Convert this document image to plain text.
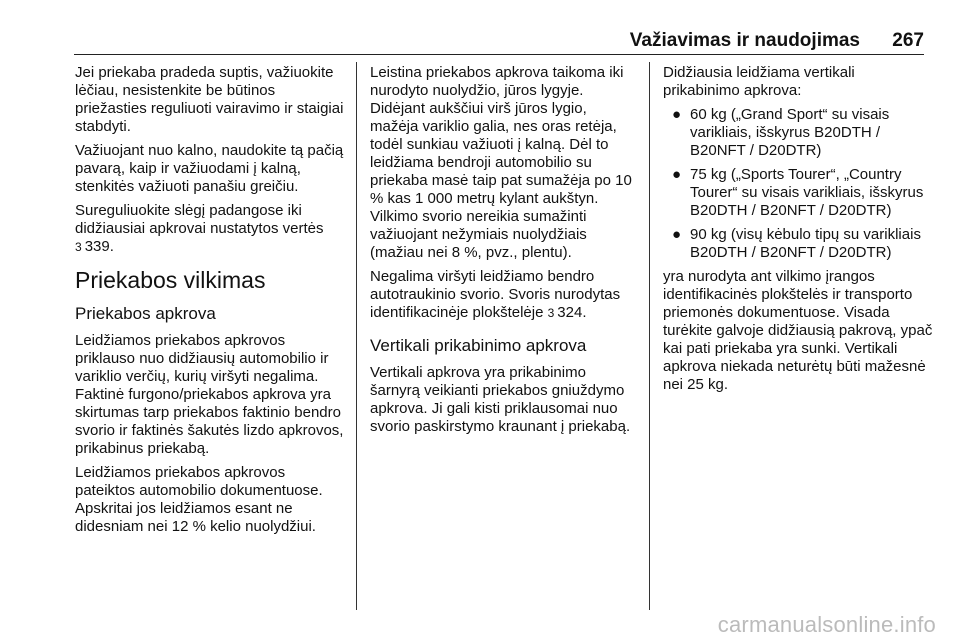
Važiavimas ir naudojimas 267

Jei priekaba pradeda suptis, važiuokite lėčiau, nesistenkite be būtinos priežasties reguliuoti vairavimo ir staigiai stabdyti.

Važiuojant nuo kalno, naudokite tą pačią pavarą, kaip ir važiuodami į kalną, stenkitės važiuoti panašiu greičiu.

Sureguliuokite slėgį padangose iki didžiausiai apkrovai nustatytos vertės 3 339.

Priekabos vilkimas
Priekabos apkrova

Leidžiamos priekabos apkrovos priklauso nuo didžiausių automobilio ir variklio verčių, kurių viršyti negalima. Faktinė furgono/priekabos apkrova yra skirtumas tarp priekabos faktinio bendro svorio ir faktinės šakutės lizdo apkrovos, prikabinus priekabą.

Leidžiamos priekabos apkrovos pateiktos automobilio dokumentuose. Apskritai jos leidžiamos esant ne didesniam nei 12 % kelio nuolydžiui.

Leistina priekabos apkrova taikoma iki nurodyto nuolydžio, jūros lygyje. Didėjant aukščiui virš jūros lygio, mažėja variklio galia, nes oras retėja, todėl sunkiau važiuoti į kalną. Dėl to leidžiama bendroji automobilio su priekaba masė taip pat sumažėja po 10 % kas 1 000 metrų kylant aukštyn. Vilkimo svorio nereikia sumažinti važiuojant nežymiais nuolydžiais (mažiau nei 8 %, pvz., plentu).

Negalima viršyti leidžiamo bendro autotraukinio svorio. Svoris nurodytas identifikacinėje plokštelėje 3 324.

Vertikali prikabinimo apkrova

Vertikali apkrova yra prikabinimo šarnyrą veikianti priekabos gniuždymo apkrova. Ji gali kisti priklausomai nuo svorio paskirstymo kraunant į priekabą.

Didžiausia leidžiama vertikali prikabinimo apkrova:

● 60 kg („Grand Sport“ su visais varikliais, išskyrus B20DTH / B20NFT / D20DTR)
● 75 kg („Sports Tourer“, „Country Tourer“ su visais varikliais, išskyrus B20DTH / B20NFT / D20DTR)
● 90 kg (visų kėbulo tipų su varikliais B20DTH / B20NFT / D20DTR)

yra nurodyta ant vilkimo įrangos identifikacinės plokštelės ir transporto priemonės dokumentuose. Visada turėkite galvoje didžiausią pakrovą, ypač kai pati priekaba yra sunki. Vertikali apkrova niekada neturėtų būti mažesnė nei 25 kg.

carmanualsonline.info
